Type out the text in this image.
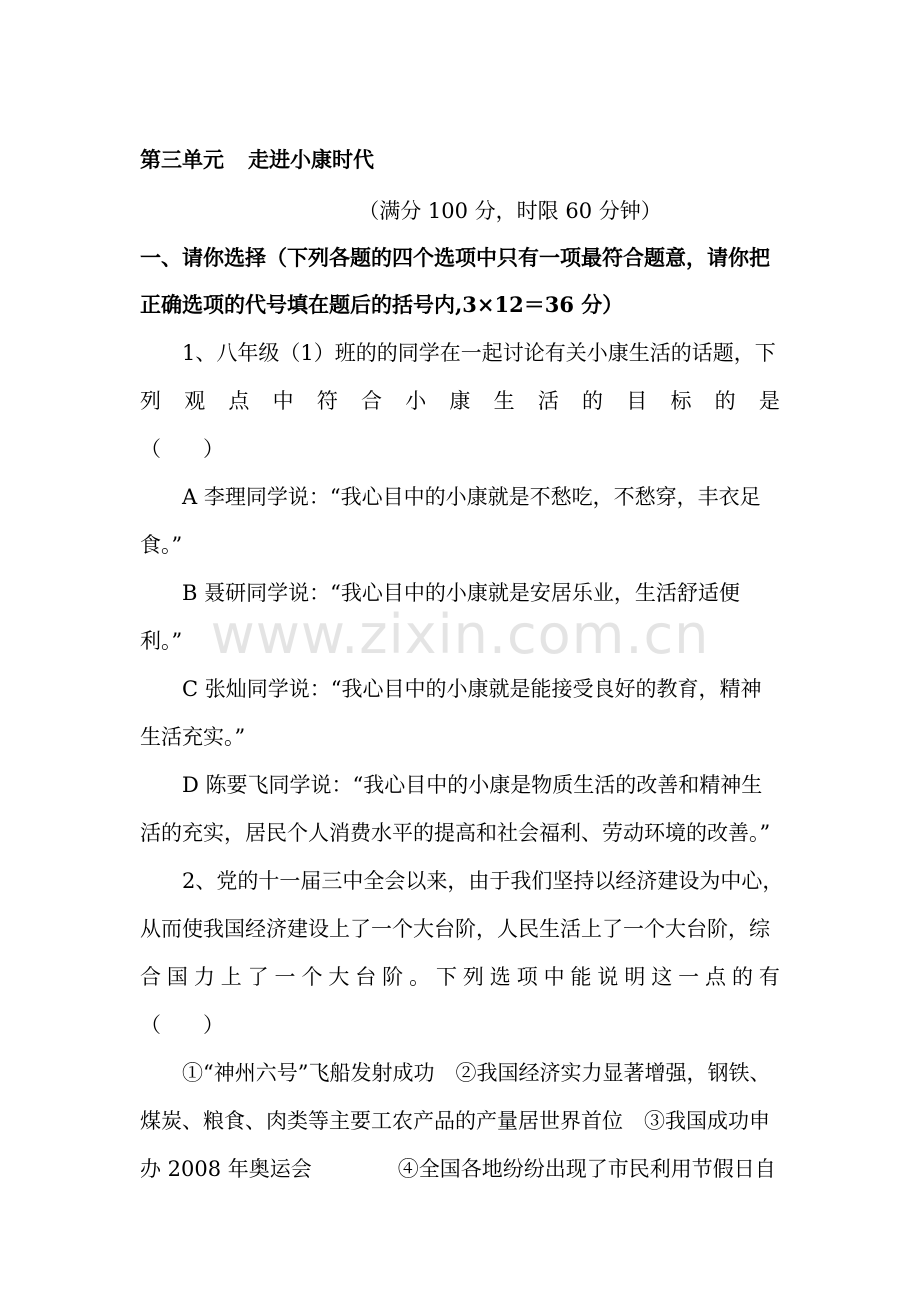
第三单元 走进小康时代
（满分 100 分，时限 60 分钟）
一、请你选择（下列各题的四个选项中只有一项最符合题意，请你把
正确选项的代号填在题后的括号内,3×12＝36 分）
1、八年级（1）班的的同学在一起讨论有关小康生活的话题，下
列 观 点 中 符 合 小 康 生 活 的 目 标 的 是
（　　）
A 李理同学说：“我心目中的小康就是不愁吃，不愁穿，丰衣足
食。”
B 聂研同学说：“我心目中的小康就是安居乐业，生活舒适便
利。”
C 张灿同学说：“我心目中的小康就是能接受良好的教育，精神
生活充实。”
D 陈要飞同学说：“我心目中的小康是物质生活的改善和精神生
活的充实，居民个人消费水平的提高和社会福利、劳动环境的改善。”
2、党的十一届三中全会以来，由于我们坚持以经济建设为中心，
从而使我国经济建设上了一个大台阶，人民生活上了一个大台阶，综
合 国 力 上 了 一 个 大 台 阶 。 下 列 选 项 中 能 说 明 这 一 点 的 有
（　　）
①“神州六号”飞船发射成功　②我国经济实力显著增强，钢铁、
煤炭、粮食、肉类等主要工农产品的产量居世界首位　③我国成功申
办 2008 年奥运会	④全国各地纷纷出现了市民利用节假日自
www.zixin.com.cn
